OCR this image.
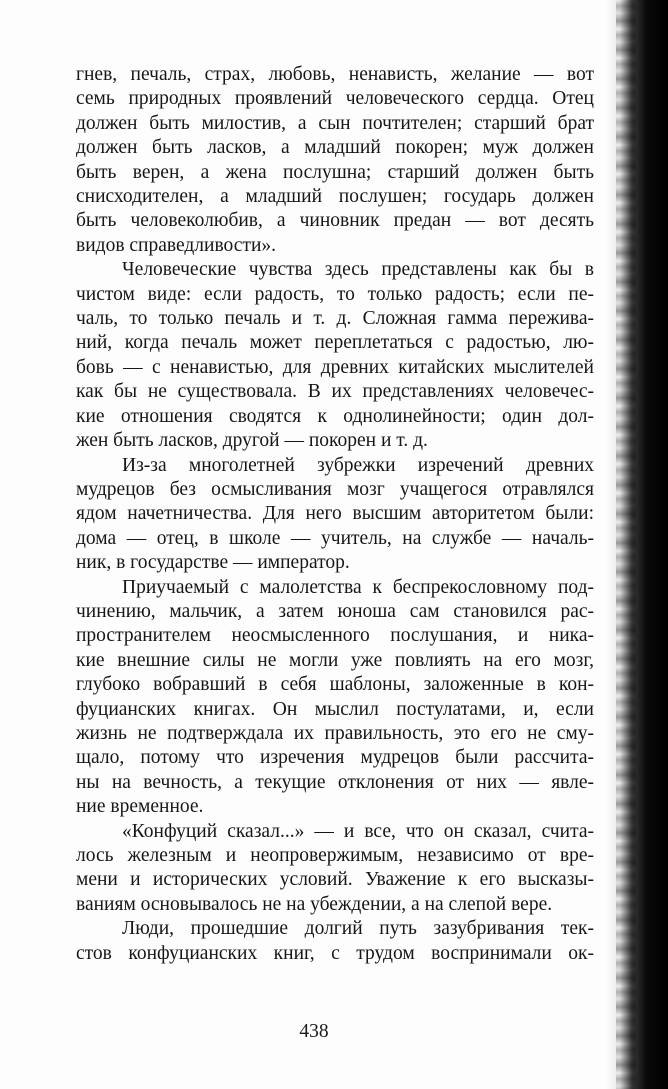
гнев, печаль, страх, любовь, ненависть, желание — вот
семь природных проявлений человеческого сердца. Отец
должен быть милостив, а сын почтителен; старший брат
должен быть ласков, а младший покорен; муж должен
быть верен, а жена послушна; старший должен быть
снисходителен, а младший послушен; государь должен
быть человеколюбив, а чиновник предан — вот десять
видов справедливости».
Человеческие чувства здесь представлены как бы в
чистом виде: если радость, то только радость; если пе-
чаль, то только печаль и т. д. Сложная гамма пережива-
ний, когда печаль может переплетаться с радостью, лю-
бовь — с ненавистью, для древних китайских мыслителей
как бы не существовала. В их представлениях человечес-
кие отношения сводятся к однолинейности; один дол-
жен быть ласков, другой — покорен и т. д.
Из-за многолетней зубрежки изречений древних
мудрецов без осмысливания мозг учащегося отравлялся
ядом начетничества. Для него высшим авторитетом были:
дома — отец, в школе — учитель, на службе — началь-
ник, в государстве — император.
Приучаемый с малолетства к беспрекословному под-
чинению, мальчик, а затем юноша сам становился рас-
пространителем неосмысленного послушания, и ника-
кие внешние силы не могли уже повлиять на его мозг,
глубоко вобравший в себя шаблоны, заложенные в кон-
фуцианских книгах. Он мыслил постулатами, и, если
жизнь не подтверждала их правильность, это его не сму-
щало, потому что изречения мудрецов были рассчита-
ны на вечность, а текущие отклонения от них — явле-
ние временное.
«Конфуций сказал...» — и все, что он сказал, счита-
лось железным и неопровержимым, независимо от вре-
мени и исторических условий. Уважение к его высказы-
ваниям основывалось не на убеждении, а на слепой вере.
Люди, прошедшие долгий путь зазубривания тек-
стов конфуцианских книг, с трудом воспринимали ок-
438
